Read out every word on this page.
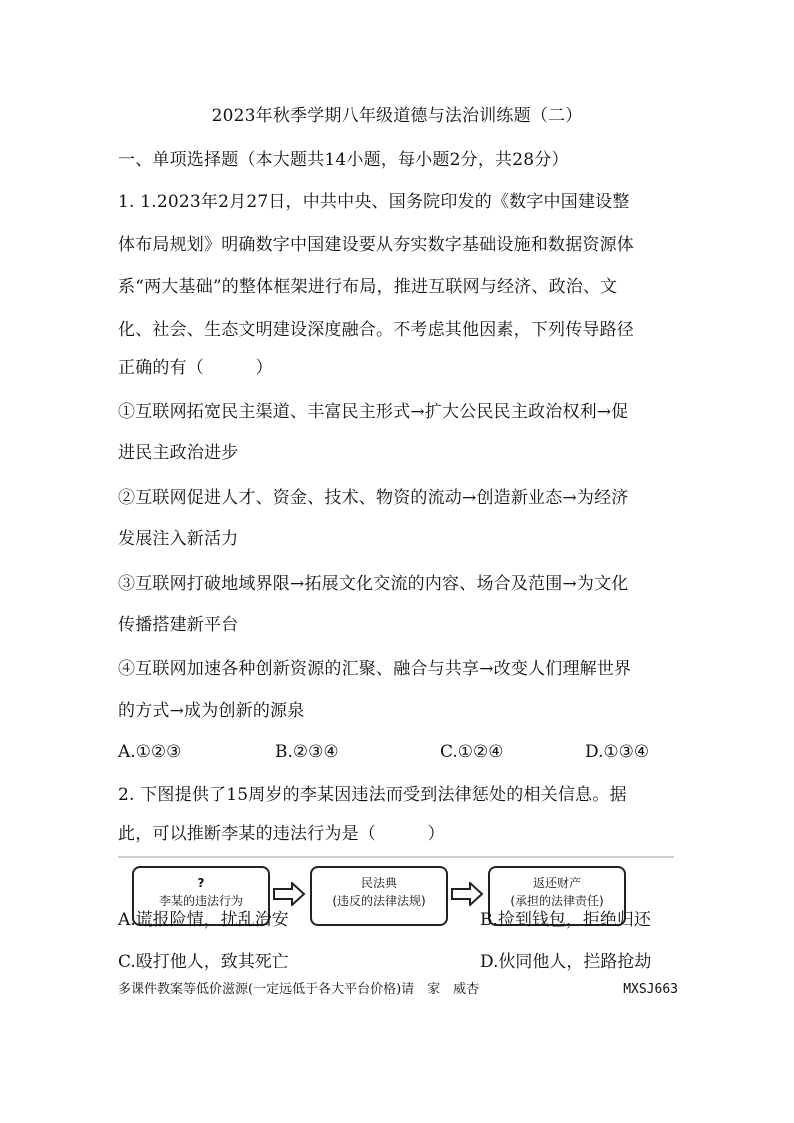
2023年秋季学期八年级道德与法治训练题（二）
一、单项选择题（本大题共14小题，每小题2分，共28分）
1. 1.2023年2月27日，中共中央、国务院印发的《数字中国建设整
体布局规划》明确数字中国建设要从夯实数字基础设施和数据资源体
系“两大基础”的整体框架进行布局，推进互联网与经济、政治、文
化、社会、生态文明建设深度融合。不考虑其他因素，下列传导路径
正确的有（　　　）
①互联网拓宽民主渠道、丰富民主形式→扩大公民民主政治权利→促
进民主政治进步
②互联网促进人才、资金、技术、物资的流动→创造新业态→为经济
发展注入新活力
③互联网打破地域界限→拓展文化交流的内容、场合及范围→为文化
传播搭建新平台
④互联网加速各种创新资源的汇聚、融合与共享→改变人们理解世界
的方式→成为创新的源泉
A.①②③	B.②③④	C.①②④	D.①③④
2. 下图提供了15周岁的李某因违法而受到法律惩处的相关信息。据
此，可以推断李某的违法行为是（　　　）
?
李某的违法行为
民法典
(违反的法律法规)
返还财产
(承担的法律责任)
A.谎报险情，扰乱治安	B.捡到钱包，拒绝归还
C.殴打他人，致其死亡	D.伙同他人，拦路抢劫
多课件教案等低价滋源(一定远低于各大平台价格)请　家　威杏	MXSJ663
